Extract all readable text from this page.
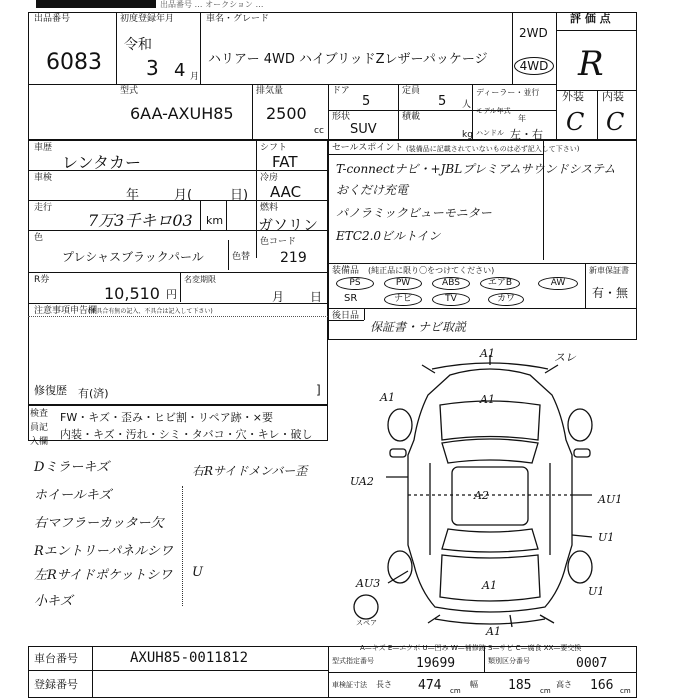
出品番号 … オークション …
出品番号
6083
初度登録年月
令和
3 4 月
車名・グレード
ハリアー 4WD ハイブリッドZレザーパッケージ
2WD
4WD
評 価 点
R
外装 内装
C C
型式
6AA-AXUH85
排気量
2500
cc
ドア
5
定員
5 人
ディーラー・並行
形状
SUV
積載
kg
モデル年式
年
ハンドル 左・右
車歴
レンタカー
シフト
FAT
車検
年	月(	日)
冷房
AAC
走行
7万3千キロ03 km
燃料
ガソリン
色
プレシャスブラックパール	色替
色コード
219
R券
10,510 円
名変期限
月 日
注意事項申告欄
(不具合有無の記入、不具合は記入して下さい)
修復歴 有(済)	]
セールスポイント (装備品に記載されていないものは必ず記入して下さい)
T-connectナビ・+JBLプレミアムサウンドシステム
おくだけ充電
パノラミックビューモニター
ETC2.0ビルトイン
装備品 (純正品に限り〇をつけてください)	新車保証書
有・無
PS	PW	ABS	エアB	AW
SR	ナビ	TV	カワ
後日品
保証書・ナビ取説
検査員記入欄
FW・キズ・歪み・ヒビ割・リペア跡・×要
内装・キズ・汚れ・シミ・タバコ・穴・キレ・破し
Dミラーキズ
ホイールキズ
右マフラーカッター欠
Rエントリーパネルシワ
左Rサイドポケットシワ
小キズ
右Rサイドメンバー歪
U
A1	スレ
A1	A1
UA2
A2	AU1
U1
AU3	A1	U1
A1
スペア
A—キズ E—エクボ U—凹み W—補修跡 S—サビ C—腐食 XX—要交換
車台番号	AXUH85-0011812
登録番号
型式指定番号	19699	類別区分番号	0007
車検証寸法 長さ 474 cm
幅 185 cm
高さ 166 cm
